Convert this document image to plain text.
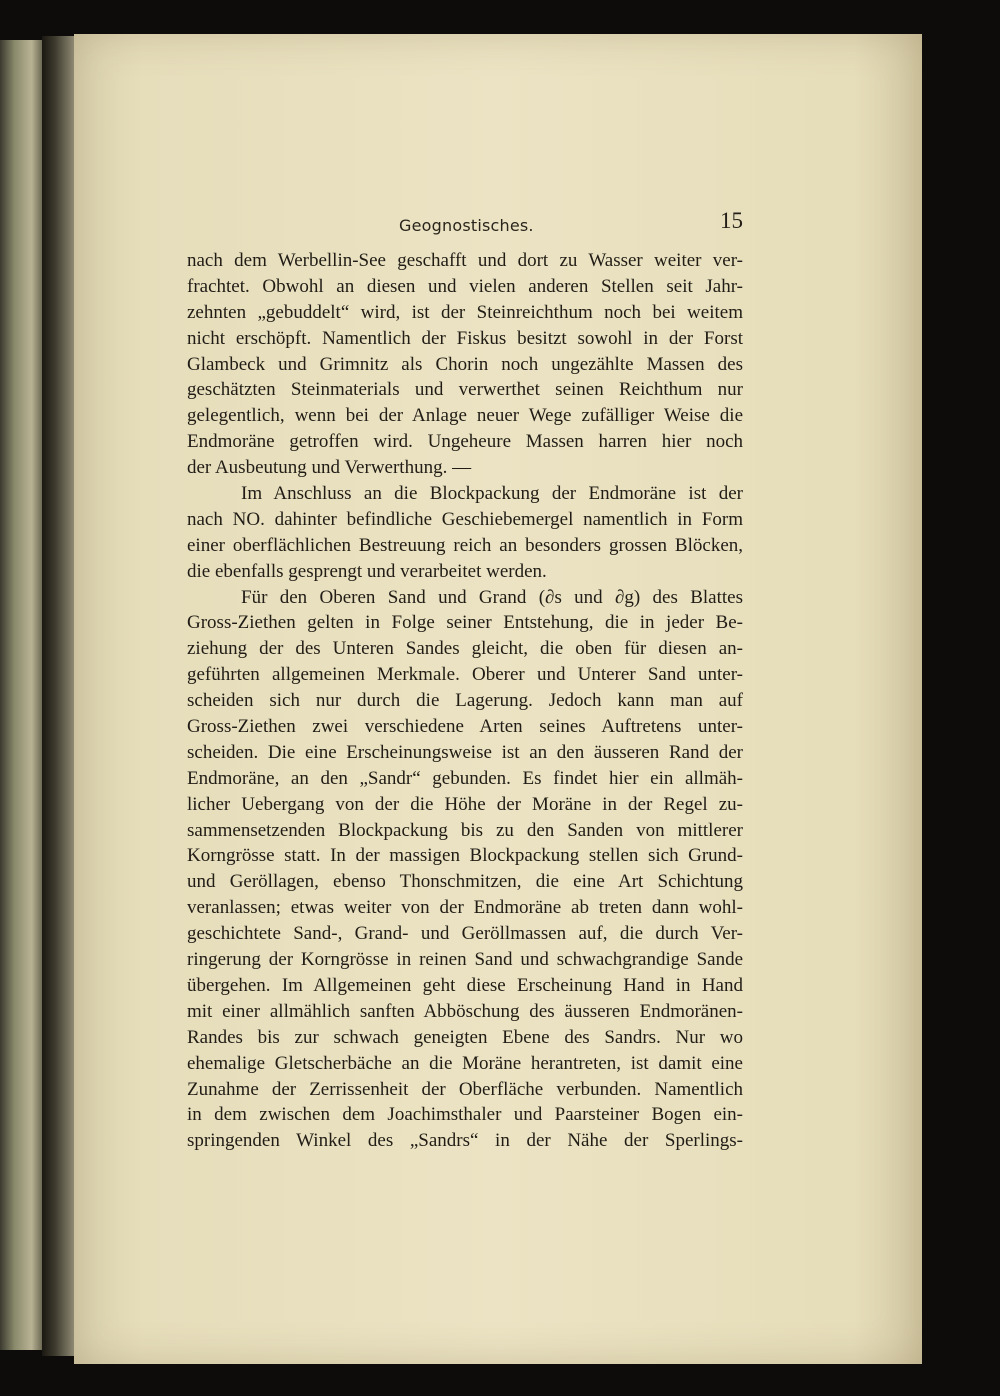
Geognostisches.	15
nach dem Werbellin-See geschafft und dort zu Wasser weiter ver-
frachtet. Obwohl an diesen und vielen anderen Stellen seit Jahr-
zehnten „gebuddelt“ wird, ist der Steinreichthum noch bei weitem
nicht erschöpft. Namentlich der Fiskus besitzt sowohl in der Forst
Glambeck und Grimnitz als Chorin noch ungezählte Massen des
geschätzten Steinmaterials und verwerthet seinen Reichthum nur
gelegentlich, wenn bei der Anlage neuer Wege zufälliger Weise die
Endmoräne getroffen wird. Ungeheure Massen harren hier noch
der Ausbeutung und Verwerthung. —
Im Anschluss an die Blockpackung der Endmoräne ist der
nach NO. dahinter befindliche Geschiebemergel namentlich in Form
einer oberflächlichen Bestreuung reich an besonders grossen Blöcken,
die ebenfalls gesprengt und verarbeitet werden.
Für den Oberen Sand und Grand (∂s und ∂g) des Blattes
Gross-Ziethen gelten in Folge seiner Entstehung, die in jeder Be-
ziehung der des Unteren Sandes gleicht, die oben für diesen an-
geführten allgemeinen Merkmale. Oberer und Unterer Sand unter-
scheiden sich nur durch die Lagerung. Jedoch kann man auf
Gross-Ziethen zwei verschiedene Arten seines Auftretens unter-
scheiden. Die eine Erscheinungsweise ist an den äusseren Rand der
Endmoräne, an den „Sandr“ gebunden. Es findet hier ein allmäh-
licher Uebergang von der die Höhe der Moräne in der Regel zu-
sammensetzenden Blockpackung bis zu den Sanden von mittlerer
Korngrösse statt. In der massigen Blockpackung stellen sich Grund-
und Geröllagen, ebenso Thonschmitzen, die eine Art Schichtung
veranlassen; etwas weiter von der Endmoräne ab treten dann wohl-
geschichtete Sand-, Grand- und Geröllmassen auf, die durch Ver-
ringerung der Korngrösse in reinen Sand und schwachgrandige Sande
übergehen. Im Allgemeinen geht diese Erscheinung Hand in Hand
mit einer allmählich sanften Abböschung des äusseren Endmoränen-
Randes bis zur schwach geneigten Ebene des Sandrs. Nur wo
ehemalige Gletscherbäche an die Moräne herantreten, ist damit eine
Zunahme der Zerrissenheit der Oberfläche verbunden. Namentlich
in dem zwischen dem Joachimsthaler und Paarsteiner Bogen ein-
springenden Winkel des „Sandrs“ in der Nähe der Sperlings-
